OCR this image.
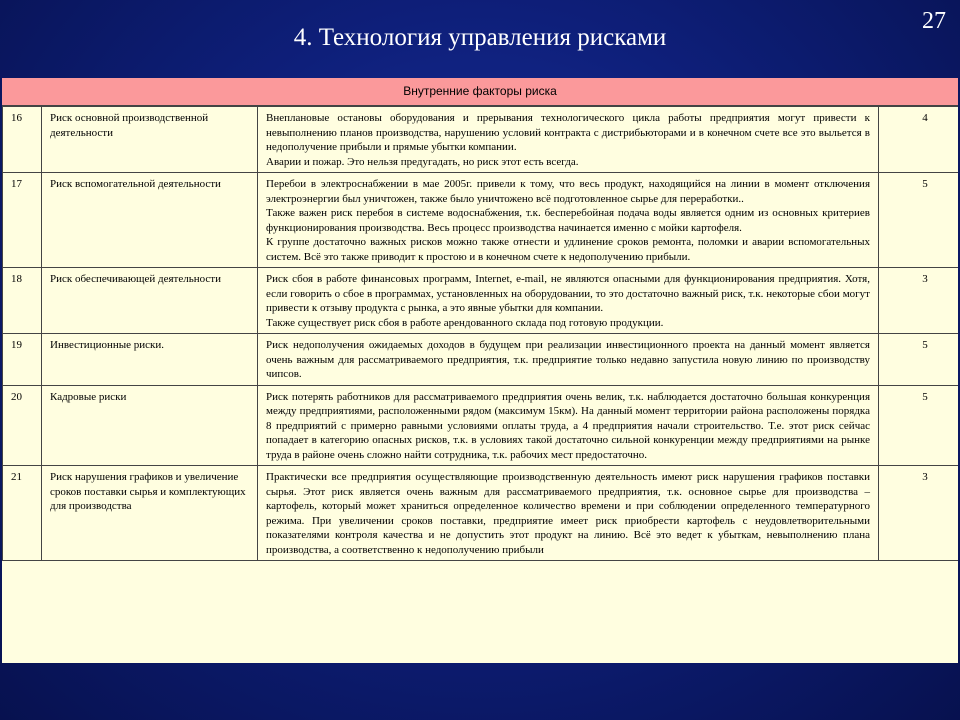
4. Технология управления рисками
27
Внутренние факторы риска
16	Риск основной производственной деятельности	Внеплановые остановы оборудования и прерывания технологического цикла работы предприятия могут привести к невыполнению планов производства, нарушению условий контракта с дистрибьюторами и в конечном счете все это выльется в недополучение прибыли и прямые убытки компании.
Аварии и пожар. Это нельзя предугадать, но риск этот есть всегда.	4
17	Риск вспомогательной деятельности	Перебои в электроснабжении в мае 2005г. привели к тому, что весь продукт, находящийся на линии в момент отключения электроэнергии был уничтожен, также было уничтожено всё подготовленное сырье для переработки..
Также важен риск перебоя в системе водоснабжения, т.к. бесперебойная подача воды является одним из основных критериев функционирования производства. Весь процесс производства начинается именно с мойки картофеля.
К группе достаточно важных рисков можно также отнести и удлинение сроков ремонта, поломки и аварии вспомогательных систем. Всё это также приводит к простою и в конечном счете к недополучению прибыли.	5
18	Риск обеспечивающей деятельности	Риск сбоя в работе финансовых программ, Internet, e-mail, не являются опасными для функционирования предприятия. Хотя, если говорить о сбое в программах, установленных на оборудовании, то это достаточно важный риск, т.к. некоторые сбои могут привести к отзыву продукта с рынка, а это явные убытки для компании.
Также существует риск сбоя в работе арендованного склада под готовую продукции.	3
19	Инвестиционные риски.	Риск недополучения ожидаемых доходов в будущем при реализации инвестиционного проекта на данный момент является очень важным для рассматриваемого предприятия, т.к. предприятие только недавно запустила новую линию по производству чипсов.	5
20	Кадровые риски	Риск потерять работников для рассматриваемого предприятия очень велик, т.к. наблюдается достаточно большая конкуренция между предприятиями, расположенными рядом (максимум 15км). На данный момент территории района расположены порядка 8 предприятий с примерно равными условиями оплаты труда, а 4 предприятия начали строительство. Т.е. этот риск сейчас попадает в категорию опасных рисков, т.к. в условиях такой достаточно сильной конкуренции между предприятиями на рынке труда в районе очень сложно найти сотрудника, т.к. рабочих мест предостаточно.	5
21	Риск нарушения графиков и увеличение сроков поставки сырья и комплектующих для производства	Практически все предприятия осуществляющие производственную деятельность имеют риск нарушения графиков поставки сырья. Этот риск является очень важным для рассматриваемого предприятия, т.к. основное сырье для производства – картофель, который может храниться определенное количество времени и при соблюдении определенного температурного режима. При увеличении сроков поставки, предприятие имеет риск приобрести картофель с неудовлетворительными показателями контроля качества и не допустить этот продукт на линию. Всё это ведет к убыткам, невыполнению плана производства, а соответственно к недополучению прибыли	3
